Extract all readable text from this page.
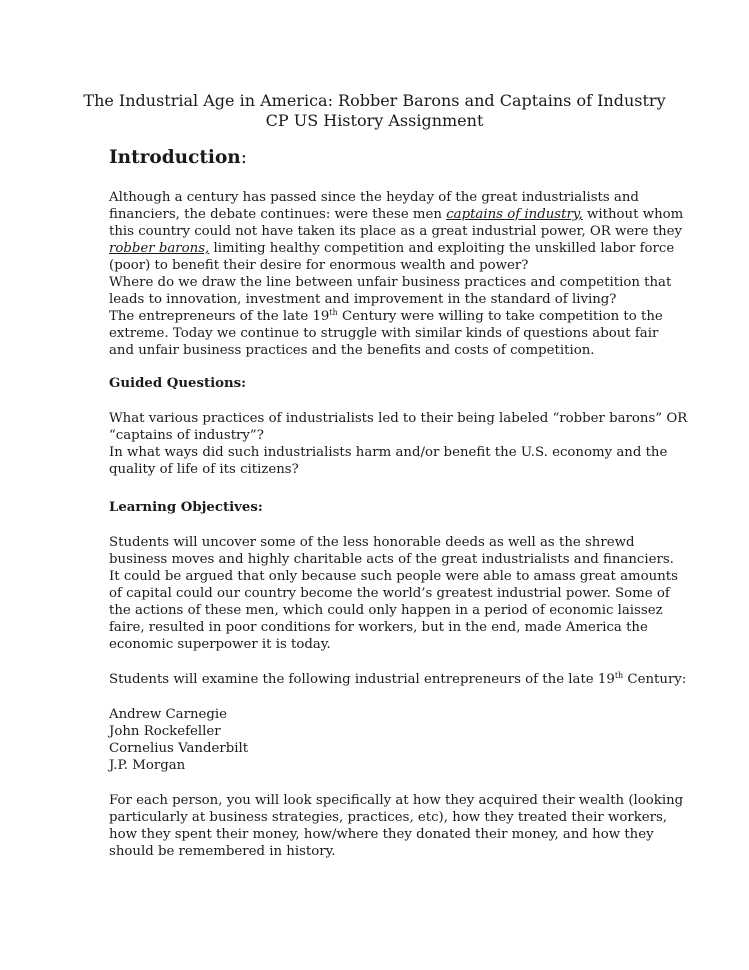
The Industrial Age in America: Robber Barons and Captains of Industry
CP US History Assignment
Introduction:
Although a century has passed since the heyday of the great industrialists and
financiers, the debate continues: were these men captains of industry, without whom
this country could not have taken its place as a great industrial power, OR were they
robber barons, limiting healthy competition and exploiting the unskilled labor force
(poor) to benefit their desire for enormous wealth and power?
Where do we draw the line between unfair business practices and competition that
leads to innovation, investment and improvement in the standard of living?
The entrepreneurs of the late 19th Century were willing to take competition to the
extreme. Today we continue to struggle with similar kinds of questions about fair
and unfair business practices and the benefits and costs of competition.
Guided Questions:
What various practices of industrialists led to their being labeled “robber barons” OR
“captains of industry”?
In what ways did such industrialists harm and/or benefit the U.S. economy and the
quality of life of its citizens?
Learning Objectives:
Students will uncover some of the less honorable deeds as well as the shrewd
business moves and highly charitable acts of the great industrialists and financiers.
It could be argued that only because such people were able to amass great amounts
of capital could our country become the world’s greatest industrial power. Some of
the actions of these men, which could only happen in a period of economic laissez
faire, resulted in poor conditions for workers, but in the end, made America the
economic superpower it is today.
Students will examine the following industrial entrepreneurs of the late 19th Century:
Andrew Carnegie
John Rockefeller
Cornelius Vanderbilt
J.P. Morgan
For each person, you will look specifically at how they acquired their wealth (looking
particularly at business strategies, practices, etc), how they treated their workers,
how they spent their money, how/where they donated their money, and how they
should be remembered in history.
